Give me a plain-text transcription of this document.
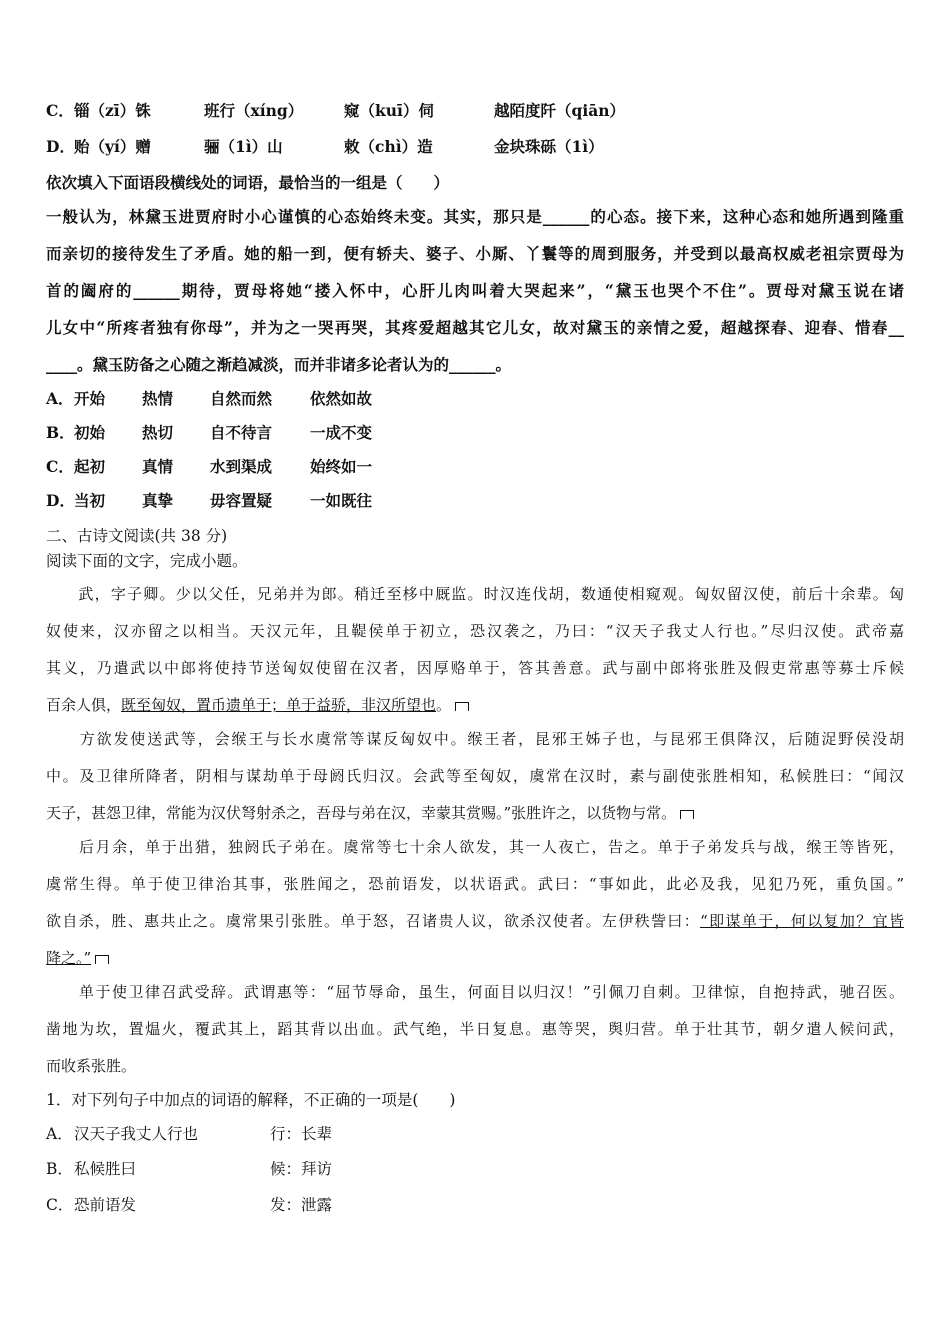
C．锱（zī）铢	班行（xíng）	窥（kuī）伺	越陌度阡（qiān）
D．贻（yí）赠	骊（1ì）山	敕（chì）造	金块珠砾（1ì）
依次填入下面语段横线处的词语，最恰当的一组是（　　）
一般认为，林黛玉进贾府时小心谨慎的心态始终未变。其实，那只是______的心态。接下来，这种心态和她所遇到隆重
而亲切的接待发生了矛盾。她的船一到，便有轿夫、婆子、小厮、丫鬟等的周到服务，并受到以最高权威老祖宗贾母为
首的阖府的______期待，贾母将她“搂入怀中，心肝儿肉叫着大哭起来”，“黛玉也哭个不住”。贾母对黛玉说在诸
儿女中“所疼者独有你母”，并为之一哭再哭，其疼爱超越其它儿女，故对黛玉的亲情之爱，超越探春、迎春、惜春__
____。黛玉防备之心随之渐趋减淡，而并非诸多论者认为的______。
A．开始 热情 自然而然 依然如故
B．初始 热切 自不待言 一成不变
C．起初 真情 水到渠成 始终如一
D．当初 真挚 毋容置疑 一如既往
二、古诗文阅读(共 38 分)
阅读下面的文字，完成小题。
　　武，字子卿。少以父任，兄弟并为郎。稍迁至栘中厩监。时汉连伐胡，数通使相窥观。匈奴留汉使，前后十余辈。匈
奴使来，汉亦留之以相当。天汉元年，且鞮侯单于初立，恐汉袭之，乃曰：“汉天子我丈人行也。”尽归汉使。武帝嘉
其义，乃遣武以中郎将使持节送匈奴使留在汉者，因厚赂单于，答其善意。武与副中郎将张胜及假吏常惠等募士斥候
百余人俱，既至匈奴，置币遗单于；单于益骄，非汉所望也。
　　方欲发使送武等，会缑王与长水虞常等谋反匈奴中。缑王者，昆邪王姊子也，与昆邪王俱降汉，后随浞野侯没胡
中。及卫律所降者，阴相与谋劫单于母阏氏归汉。会武等至匈奴，虞常在汉时，素与副使张胜相知，私候胜曰：“闻汉
天子，甚怨卫律，常能为汉伏弩射杀之，吾母与弟在汉，幸蒙其赏赐。”张胜许之，以货物与常。
　　后月余，单于出猎，独阏氏子弟在。虞常等七十余人欲发，其一人夜亡，告之。单于子弟发兵与战，缑王等皆死，
虞常生得。单于使卫律治其事，张胜闻之，恐前语发，以状语武。武曰：“事如此，此必及我，见犯乃死，重负国。”
欲自杀，胜、惠共止之。虞常果引张胜。单于怒，召诸贵人议，欲杀汉使者。左伊秩訾曰：“即谋单于，何以复加？宜皆
降之。”
　　单于使卫律召武受辞。武谓惠等：“屈节辱命，虽生，何面目以归汉！”引佩刀自刺。卫律惊，自抱持武，驰召医。
凿地为坎，置煴火，覆武其上，蹈其背以出血。武气绝，半日复息。惠等哭，舆归营。单于壮其节，朝夕遣人候问武，
而收系张胜。
1．对下列句子中加点的词语的解释，不正确的一项是(　　)
A．汉天子我丈人行也	行：长辈
B．私候胜曰	候：拜访
C．恐前语发	发：泄露
